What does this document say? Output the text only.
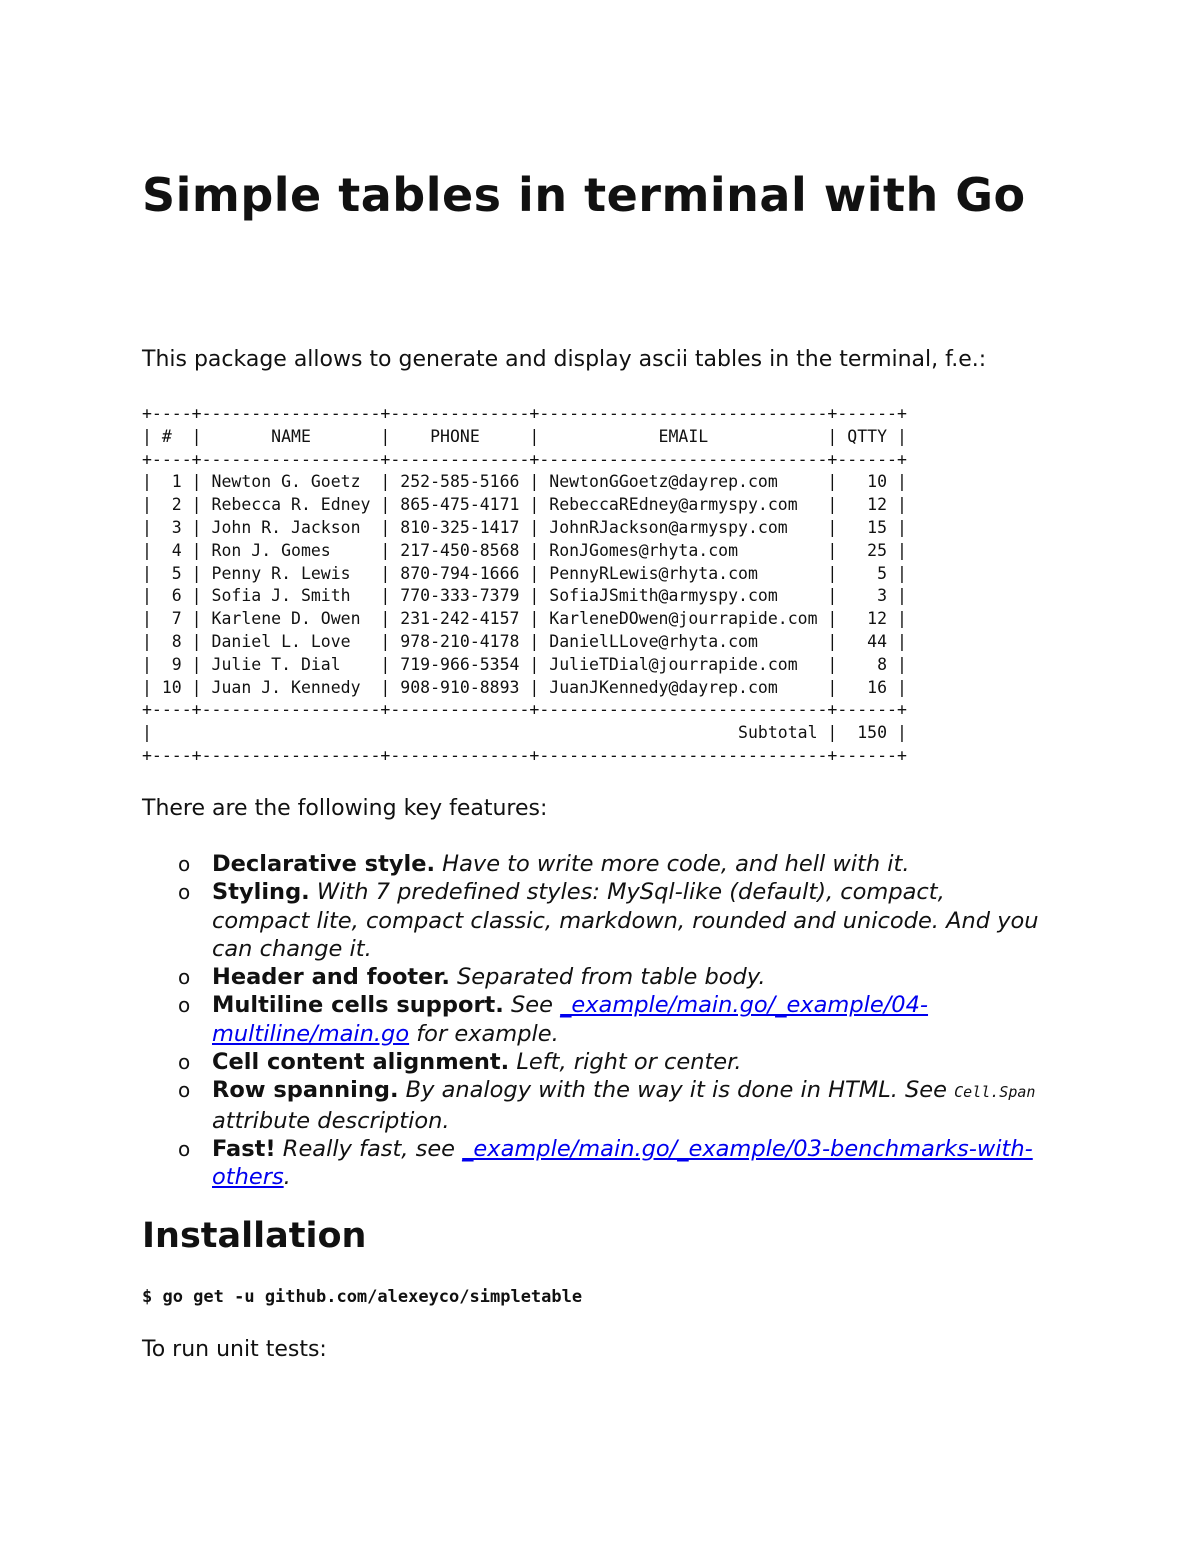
Simple tables in terminal with Go

This package allows to generate and display ascii tables in the terminal, f.e.:

+----+------------------+--------------+-----------------------------+------+
| #  |       NAME       |    PHONE     |            EMAIL            | QTTY |
+----+------------------+--------------+-----------------------------+------+
|  1 | Newton G. Goetz  | 252-585-5166 | NewtonGGoetz@dayrep.com     |   10 |
|  2 | Rebecca R. Edney | 865-475-4171 | RebeccaREdney@armyspy.com   |   12 |
|  3 | John R. Jackson  | 810-325-1417 | JohnRJackson@armyspy.com    |   15 |
|  4 | Ron J. Gomes     | 217-450-8568 | RonJGomes@rhyta.com         |   25 |
|  5 | Penny R. Lewis   | 870-794-1666 | PennyRLewis@rhyta.com       |    5 |
|  6 | Sofia J. Smith   | 770-333-7379 | SofiaJSmith@armyspy.com     |    3 |
|  7 | Karlene D. Owen  | 231-242-4157 | KarleneDOwen@jourrapide.com |   12 |
|  8 | Daniel L. Love   | 978-210-4178 | DanielLLove@rhyta.com       |   44 |
|  9 | Julie T. Dial    | 719-966-5354 | JulieTDial@jourrapide.com   |    8 |
| 10 | Juan J. Kennedy  | 908-910-8893 | JuanJKennedy@dayrep.com     |   16 |
+----+------------------+--------------+-----------------------------+------+
|                                                           Subtotal |  150 |
+----+------------------+--------------+-----------------------------+------+

There are the following key features:

o Declarative style. Have to write more code, and hell with it.
o Styling. With 7 predefined styles: MySql-like (default), compact, compact lite, compact classic, markdown, rounded and unicode. And you can change it.
o Header and footer. Separated from table body.
o Multiline cells support. See _example/main.go/_example/04-multiline/main.go for example.
o Cell content alignment. Left, right or center.
o Row spanning. By analogy with the way it is done in HTML. See Cell.Span attribute description.
o Fast! Really fast, see _example/main.go/_example/03-benchmarks-with-others.
Installation
$ go get -u github.com/alexeyco/simpletable

To run unit tests:
